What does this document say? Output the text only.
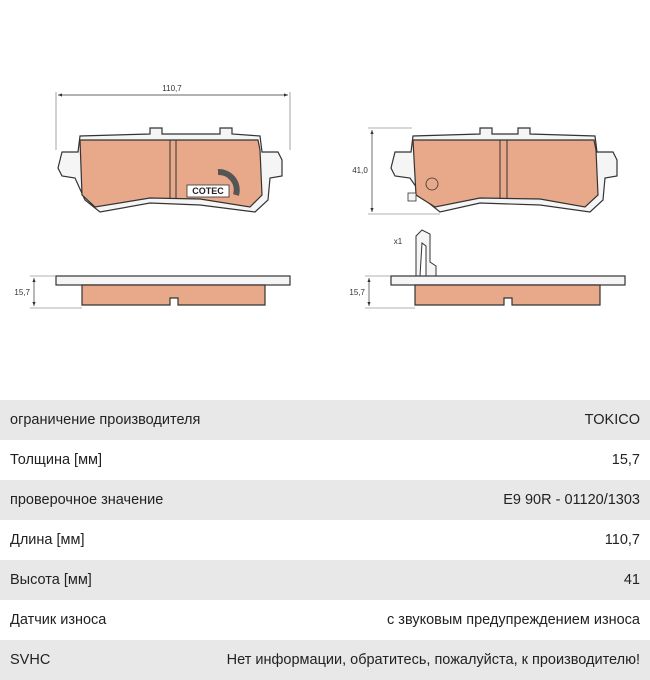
COTEC
110,7
15,7
41,0
x1
15,7
ограничение производителя	TOKICO
Толщина [мм]	15,7
проверочное значение	E9 90R - 01120/1303
Длина [мм]	110,7
Высота [мм]	41
Датчик износа	с звуковым предупреждением износа
SVHC	Нет информации, обратитесь, пожалуйста, к производителю!
